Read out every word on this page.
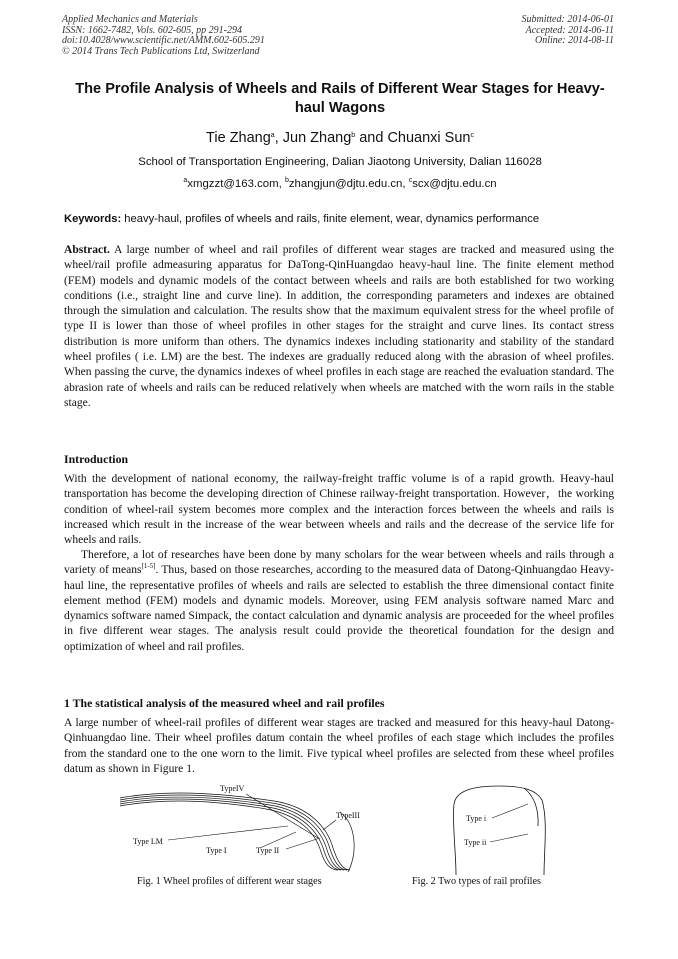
Applied Mechanics and Materials
ISSN: 1662-7482, Vols. 602-605, pp 291-294
doi:10.4028/www.scientific.net/AMM.602-605.291
© 2014 Trans Tech Publications Ltd, Switzerland
Submitted: 2014-06-01
Accepted: 2014-06-11
Online: 2014-08-11
The Profile Analysis of Wheels and Rails of Different Wear Stages for Heavy-haul Wagons
Tie Zhang$^a$, Jun Zhang$^b$ and Chuanxi Sun$^c$
School of Transportation Engineering, Dalian Jiaotong University, Dalian 116028
$^a$xmgzzt@163.com, $^b$zhangjun@djtu.edu.cn, $^c$scx@djtu.edu.cn
Keywords: heavy-haul, profiles of wheels and rails, finite element, wear, dynamics performance
Abstract. A large number of wheel and rail profiles of different wear stages are tracked and measured using the wheel/rail profile admeasuring apparatus for DaTong-QinHuangdao heavy-haul line. The finite element method (FEM) models and dynamic models of the contact between wheels and rails are both established for two working conditions (i.e., straight line and curve line). In addition, the corresponding parameters and indexes are obtained through the simulation and calculation. The results show that the maximum equivalent stress for the wheel profile of type II is lower than those of wheel profiles in other stages for the straight and curve lines. Its contact stress distribution is more uniform than others. The dynamics indexes including stationarity and stability of the standard wheel profiles ( i.e. LM) are the best. The indexes are gradually reduced along with the abrasion of wheel profiles. When passing the curve, the dynamics indexes of wheel profiles in each stage are reached the evaluation standard. The abrasion rate of wheels and rails can be reduced relatively when wheels are matched with the worn rails in the stable stage.
Introduction
With the development of national economy, the railway-freight traffic volume is of a rapid growth. Heavy-haul transportation has become the developing direction of Chinese railway-freight transportation. However，the working condition of wheel-rail system becomes more complex and the interaction forces between the wheels and rails is increased which result in the increase of the wear between wheels and rails and the decrease of the service life for wheels and rails.
Therefore, a lot of researches have been done by many scholars for the wear between wheels and rails through a variety of means[1-5]. Thus, based on those researches, according to the measured data of Datong-Qinhuangdao Heavy-haul line, the representative profiles of wheels and rails are selected to establish the three dimensional contact finite element method (FEM) models and dynamic models. Moreover, using FEM analysis software named Marc and dynamics software named Simpack, the contact calculation and dynamic analysis are proceeded for the wheel profiles in five different wear stages. The analysis result could provide the theoretical foundation for the design and optimization of wheel and rail profiles.
1 The statistical analysis of the measured wheel and rail profiles
A large number of wheel-rail profiles of different wear stages are tracked and measured for this heavy-haul Datong-Qinhuangdao line. Their wheel profiles datum contain the wheel profiles of each stage which includes the profiles from the standard one to the one worn to the limit. Five typical wheel profiles are selected from these wheel profiles datum as shown in Figure 1.
TypeIV
TypeIII
Type LM
Type I	Type II
Fig. 1 Wheel profiles of different wear stages
Type i
Type ii
Fig. 2 Two types of rail profiles
